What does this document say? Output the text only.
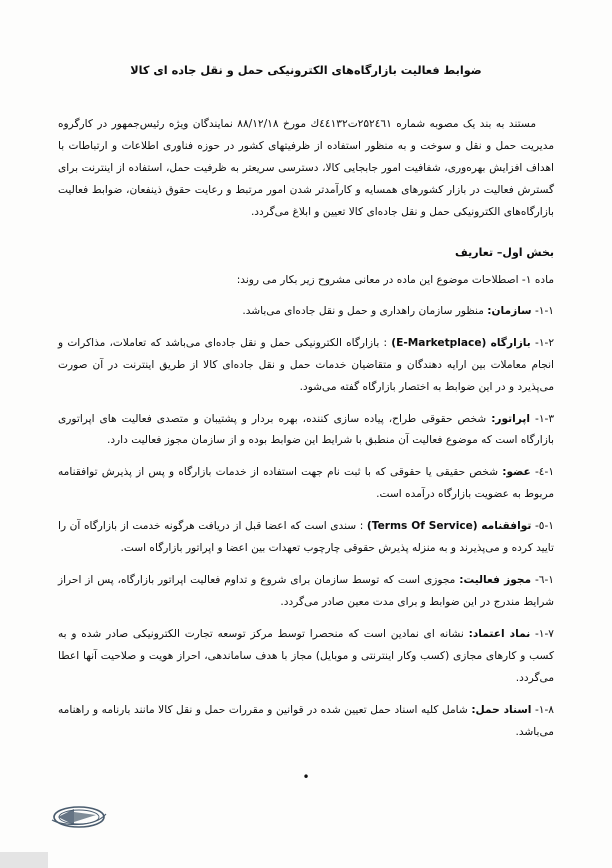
ضوابط فعالیت بازارگاه‌های الکترونیکی حمل و نقل جاده ای کالا

مستند به بند یک مصوبه شماره ۲۵۲٤٦۱ت٤٤۱۳۲ك مورخ ۸۸/۱۲/۱۸ نمایندگان ویژه رئیس‌جمهور در کارگروه مدیریت حمل و نقل و سوخت و به منظور استفاده از ظرفیتهای کشور در حوزه فناوری اطلاعات و ارتباطات با اهداف افزایش بهره‌وری، شفافیت امور جابجایی کالا، دسترسی سریعتر به ظرفیت حمل، استفاده از اینترنت برای گسترش فعالیت در بازار کشورهای همسایه و کارآمدتر شدن امور مرتبط و رعایت حقوق ذینفعان، ضوابط فعالیت بازارگاه‌های الکترونیکی حمل و نقل جاده‌ای کالا تعیین و ابلاغ می‌گردد.

بخش اول– تعاریف

ماده ۱- اصطلاحات موضوع این ماده در معانی مشروح زیر بکار می روند:

۱-۱- سازمان: منظور سازمان راهداری و حمل و نقل جاده‌ای می‌باشد.

۱-۲- بازارگاه (E-Marketplace) : بازارگاه الکترونیکی حمل و نقل جاده‌ای می‌باشد که تعاملات، مذاکرات و انجام معاملات بین ارایه دهندگان و متقاضیان خدمات حمل و نقل جاده‌ای کالا از طریق اینترنت در آن صورت می‌پذیرد و در این ضوابط به اختصار بازارگاه گفته می‌شود.

۱-۳- اپراتور: شخص حقوقی طراح، پیاده سازی کننده، بهره بردار و پشتیبان و متصدی فعالیت های اپراتوری بازارگاه است که موضوع فعالیت آن منطبق با شرایط این ضوابط بوده و از سازمان مجوز فعالیت دارد.

۱-٤- عضو: شخص حقیقی یا حقوقی که با ثبت نام جهت استفاده از خدمات بازارگاه و پس از پذیرش توافقنامه مربوط به عضویت بازارگاه درآمده است.

۱-٥- توافقنامه (Terms Of Service) : سندی است که اعضا قبل از دریافت هرگونه خدمت از بازارگاه آن را تایید کرده و می‌پذیرند و به منزله پذیرش حقوقی چارچوب تعهدات بین اعضا و اپراتور بازارگاه است.

۱-٦- مجوز فعالیت: مجوزی است که توسط سازمان برای شروع و تداوم فعالیت اپراتور بازارگاه، پس از احراز شرایط مندرج در این ضوابط و برای مدت معین صادر می‌گردد.

۱-۷- نماد اعتماد: نشانه ای نمادین است که منحصرا توسط مرکز توسعه تجارت الکترونیکی صادر شده و به کسب و کارهای مجازی (کسب وکار اینترنتی و موبایل) مجاز با هدف ساماندهی، احراز هویت و صلاحیت آنها اعطا می‌گردد.

۱-۸- اسناد حمل: شامل کلیه اسناد حمل تعیین شده در قوانین و مقررات حمل و نقل کالا مانند بارنامه و راهنامه می‌باشد.

•
